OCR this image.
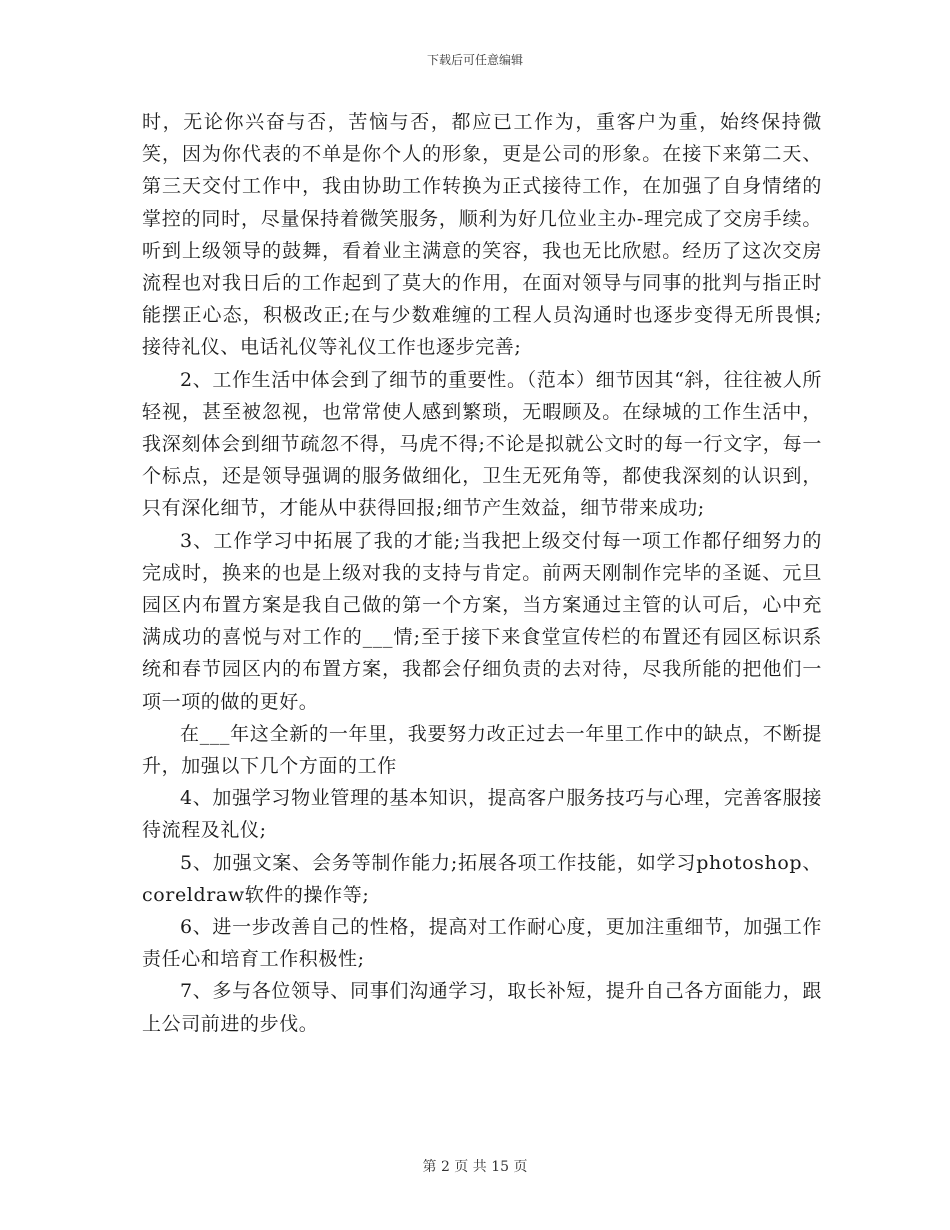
下载后可任意编辑

时，无论你兴奋与否，苦恼与否，都应已工作为，重客户为重，始终保持微笑，因为你代表的不单是你个人的形象，更是公司的形象。在接下来第二天、第三天交付工作中，我由协助工作转换为正式接待工作，在加强了自身情绪的掌控的同时，尽量保持着微笑服务，顺利为好几位业主办-理完成了交房手续。听到上级领导的鼓舞，看着业主满意的笑容，我也无比欣慰。经历了这次交房流程也对我日后的工作起到了莫大的作用，在面对领导与同事的批判与指正时能摆正心态，积极改正;在与少数难缠的工程人员沟通时也逐步变得无所畏惧;接待礼仪、电话礼仪等礼仪工作也逐步完善;

2、工作生活中体会到了细节的重要性。（范本）细节因其“斜，往往被人所轻视，甚至被忽视，也常常使人感到繁琐，无暇顾及。在绿城的工作生活中，我深刻体会到细节疏忽不得，马虎不得;不论是拟就公文时的每一行文字，每一个标点，还是领导强调的服务做细化，卫生无死角等，都使我深刻的认识到，只有深化细节，才能从中获得回报;细节产生效益，细节带来成功;

3、工作学习中拓展了我的才能;当我把上级交付每一项工作都仔细努力的完成时，换来的也是上级对我的支持与肯定。前两天刚制作完毕的圣诞、元旦园区内布置方案是我自己做的第一个方案，当方案通过主管的认可后，心中充满成功的喜悦与对工作的___情;至于接下来食堂宣传栏的布置还有园区标识系统和春节园区内的布置方案，我都会仔细负责的去对待，尽我所能的把他们一项一项的做的更好。

在___年这全新的一年里，我要努力改正过去一年里工作中的缺点，不断提升，加强以下几个方面的工作

4、加强学习物业管理的基本知识，提高客户服务技巧与心理，完善客服接待流程及礼仪;

5、加强文案、会务等制作能力;拓展各项工作技能，如学习photoshop、coreldraw软件的操作等;

6、进一步改善自己的性格，提高对工作耐心度，更加注重细节，加强工作责任心和培育工作积极性;

7、多与各位领导、同事们沟通学习，取长补短，提升自己各方面能力，跟上公司前进的步伐。

第 2 页 共 15 页
